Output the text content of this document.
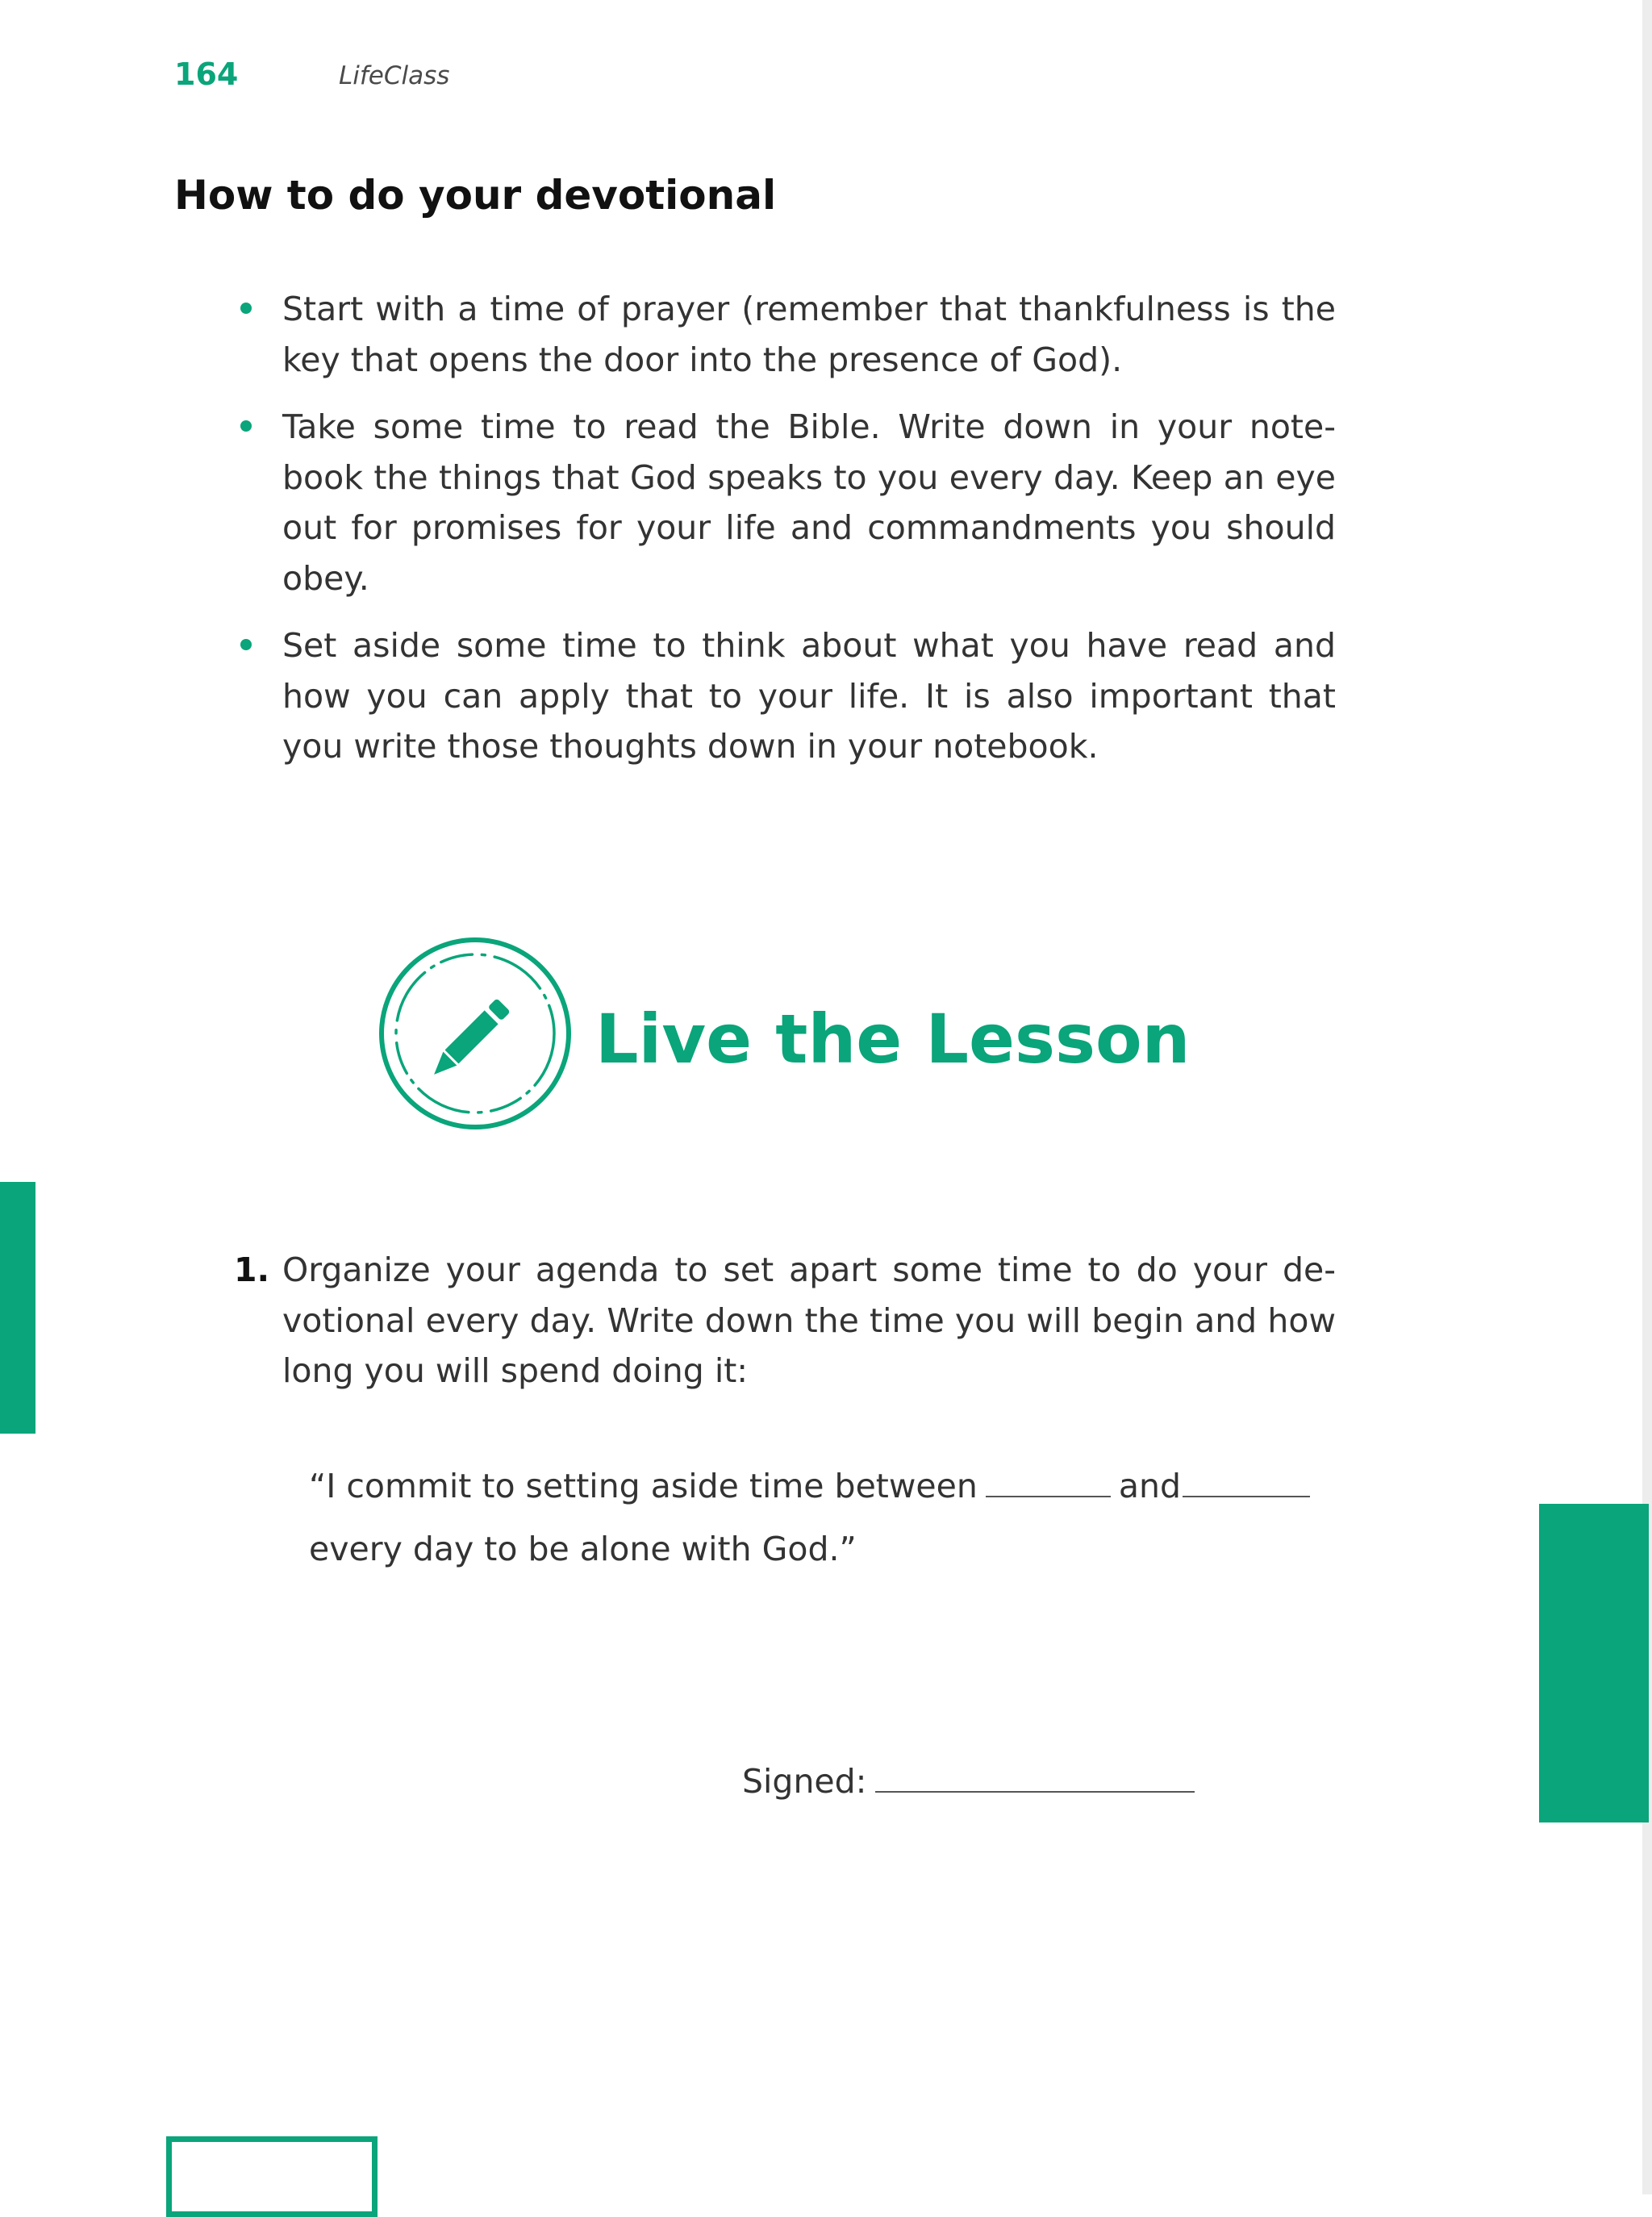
164	LifeClass
How to do your devotional
Start with a time of prayer (remember that thankfulness is the key that opens the door into the presence of God).
Take some time to read the Bible. Write down in your note-book the things that God speaks to you every day. Keep an eye out for promises for your life and commandments you should obey.
Set aside some time to think about what you have read and how you can apply that to your life. It is also important that you write those thoughts down in your notebook.
Live the Lesson
1. Organize your agenda to set apart some time to do your de-votional every day. Write down the time you will begin and how long you will spend doing it:
“I commit to setting aside time between	and
every day to be alone with God.”
Signed:
